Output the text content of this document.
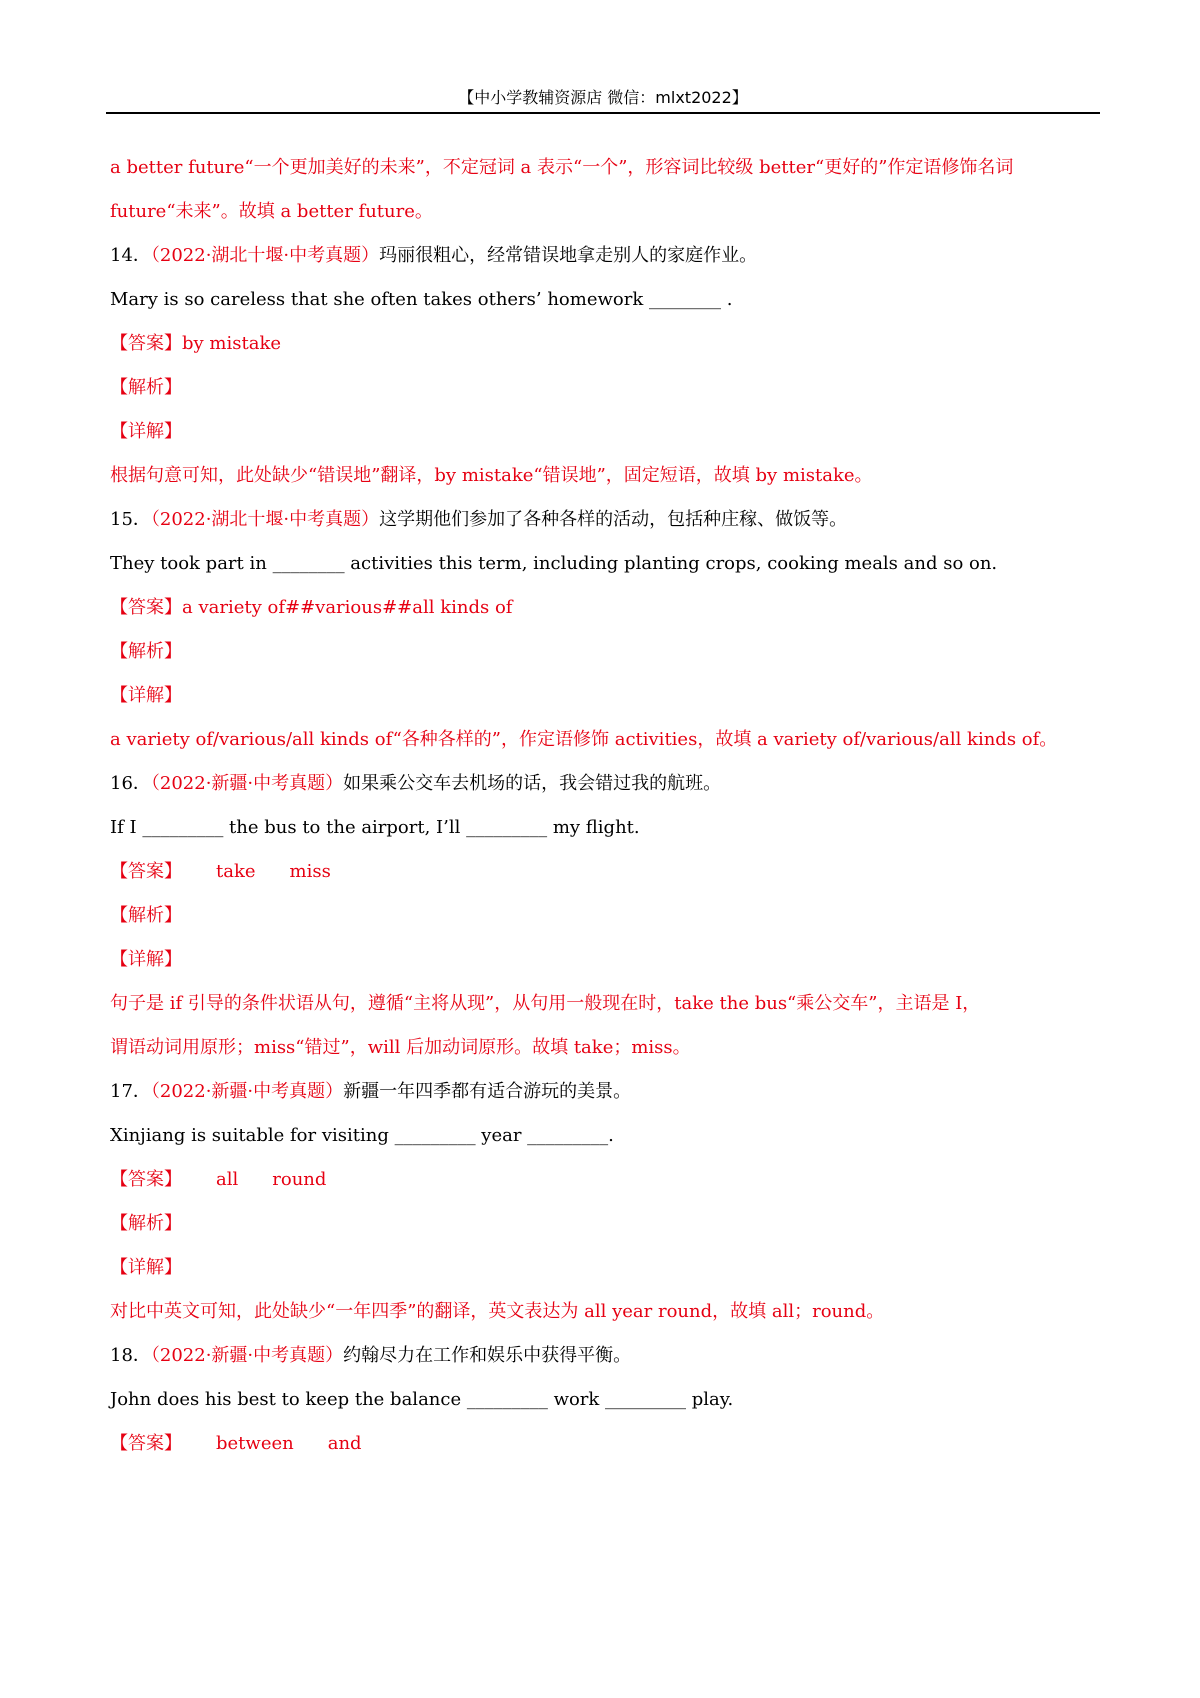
【中小学教辅资源店 微信：mlxt2022】
a better future“一个更加美好的未来”，不定冠词 a 表示“一个”，形容词比较级 better“更好的”作定语修饰名词
future“未来”。故填 a better future。
14．（2022·湖北十堰·中考真题）玛丽很粗心，经常错误地拿走别人的家庭作业。
Mary is so careless that she often takes others’ homework ________ .
【答案】by mistake
【解析】
【详解】
根据句意可知，此处缺少“错误地”翻译，by mistake“错误地”，固定短语，故填 by mistake。
15．（2022·湖北十堰·中考真题）这学期他们参加了各种各样的活动，包括种庄稼、做饭等。
They took part in ________ activities this term, including planting crops, cooking meals and so on.
【答案】a variety of##various##all kinds of
【解析】
【详解】
a variety of/various/all kinds of“各种各样的”，作定语修饰 activities，故填 a variety of/various/all kinds of。
16．（2022·新疆·中考真题）如果乘公交车去机场的话，我会错过我的航班。
If I _________ the bus to the airport, I’ll _________ my flight.
【答案】 take miss
【解析】
【详解】
句子是 if 引导的条件状语从句，遵循“主将从现”，从句用一般现在时，take the bus“乘公交车”，主语是 I，
谓语动词用原形；miss“错过”，will 后加动词原形。故填 take；miss。
17．（2022·新疆·中考真题）新疆一年四季都有适合游玩的美景。
Xinjiang is suitable for visiting _________ year _________.
【答案】 all round
【解析】
【详解】
对比中英文可知，此处缺少“一年四季”的翻译，英文表达为 all year round，故填 all；round。
18．（2022·新疆·中考真题）约翰尽力在工作和娱乐中获得平衡。
John does his best to keep the balance _________ work _________ play.
【答案】 between and
